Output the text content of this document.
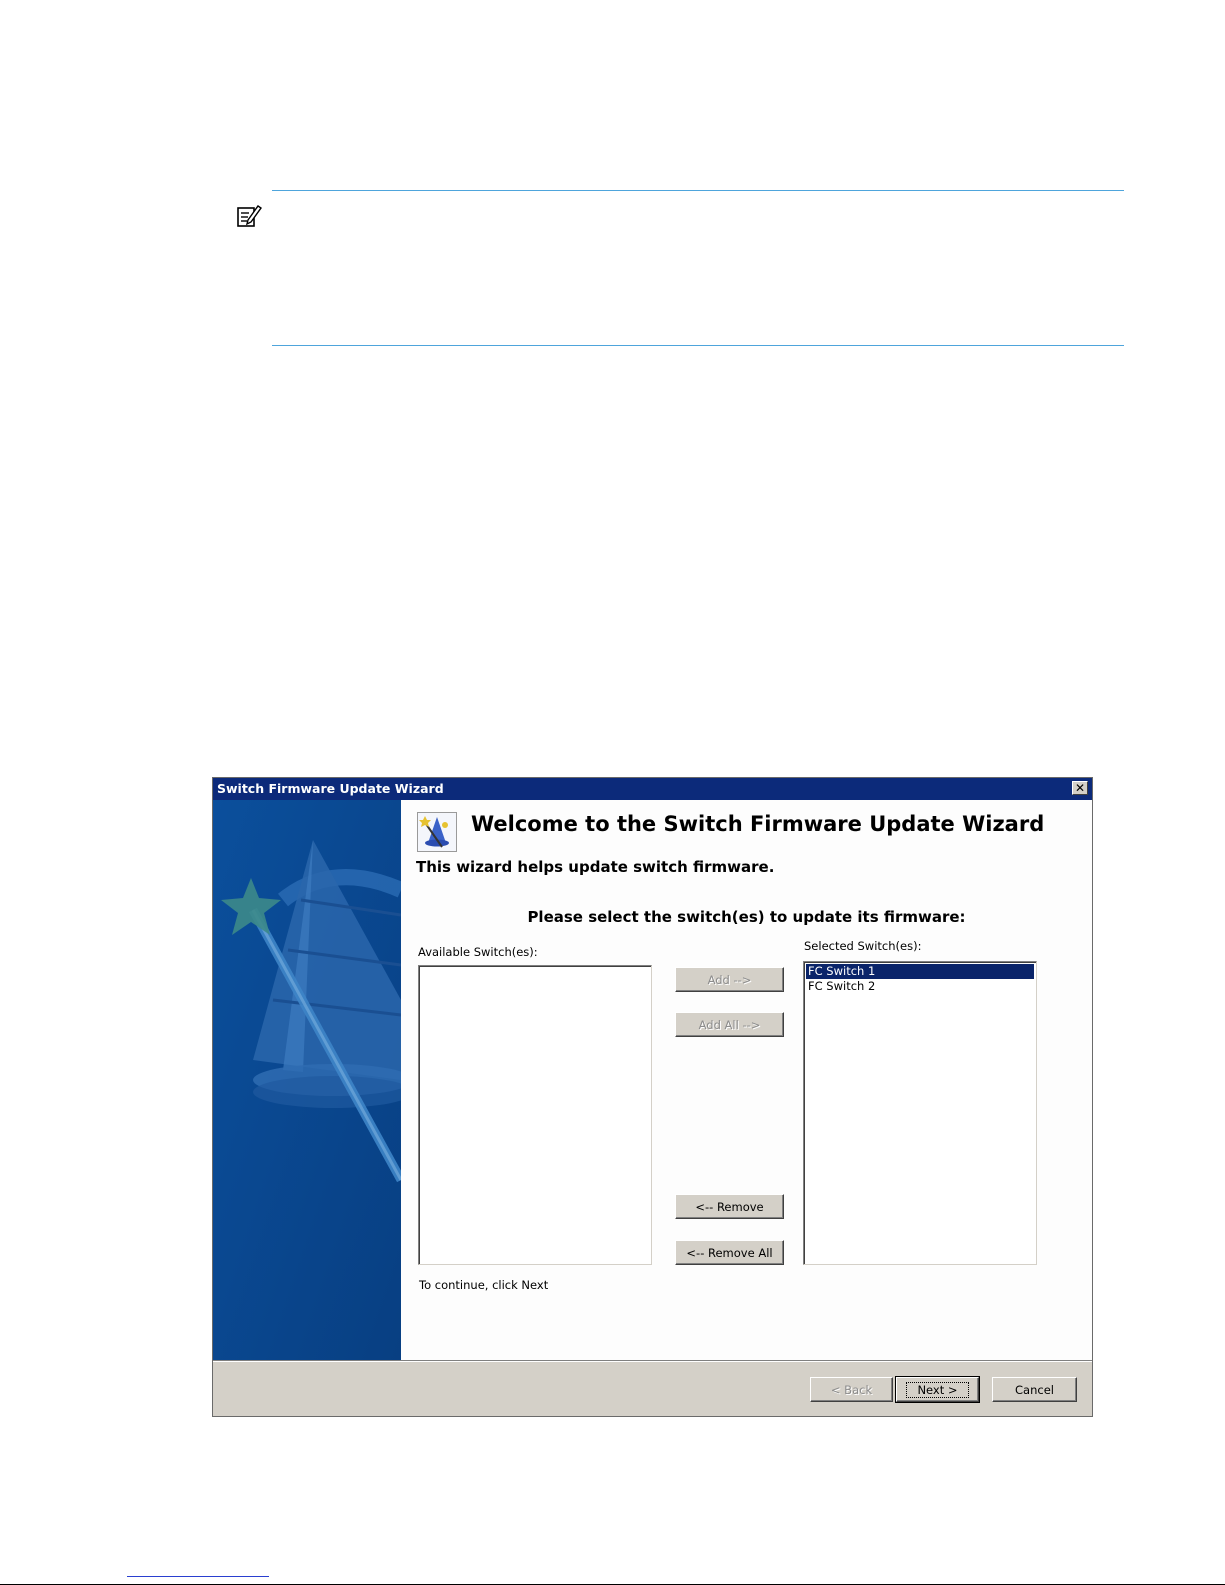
Switch Firmware Update Wizard	✕
Welcome to the Switch Firmware Update Wizard
This wizard helps update switch firmware.
Please select the switch(es) to update its firmware:
Available Switch(es):
Add -->
Add All -->
<-- Remove
<-- Remove All
Selected Switch(es):
FC Switch 1
FC Switch 2
To continue, click Next
< Back	Next >	Cancel
